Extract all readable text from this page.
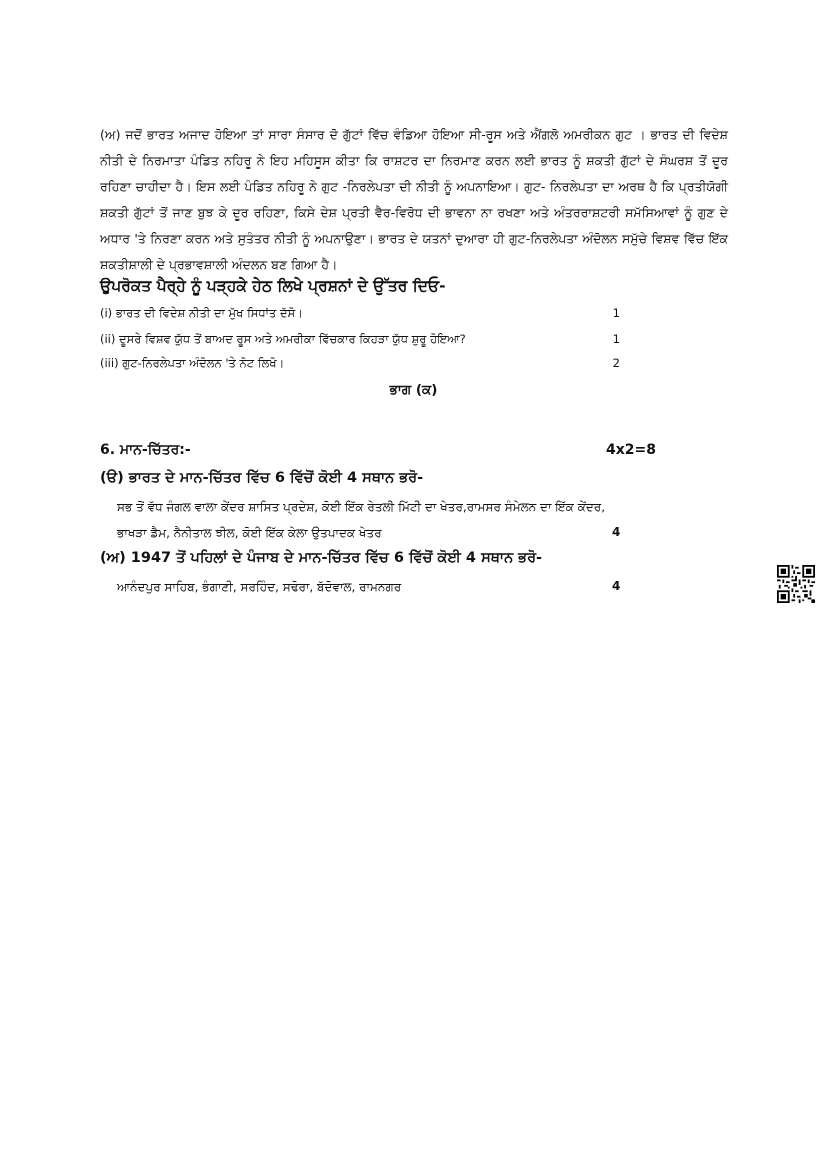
(ਅ) ਜਦੋਂ ਭਾਰਤ ਅਜਾਦ ਹੋਇਆ ਤਾਂ ਸਾਰਾ ਸੰਸਾਰ ਦੋ ਗੁੱਟਾਂ ਵਿੱਚ ਵੰਡਿਆ ਹੋਇਆ ਸੀ-ਰੂਸ ਅਤੇ ਐਂਗਲੋ ਅਮਰੀਕਨ ਗੁਟ । ਭਾਰਤ ਦੀ ਵਿਦੇਸ਼ ਨੀਤੀ ਦੇ ਨਿਰਮਾਤਾ ਪੰਡਿਤ ਨਹਿਰੂ ਨੇ ਇਹ ਮਹਿਸੂਸ ਕੀਤਾ ਕਿ ਰਾਸ਼ਟਰ ਦਾ ਨਿਰਮਾਣ ਕਰਨ ਲਈ ਭਾਰਤ ਨੂੰ ਸ਼ਕਤੀ ਗੁੱਟਾਂ ਦੇ ਸੰਘਰਸ਼ ਤੋਂ ਦੂਰ ਰਹਿਣਾ ਚਾਹੀਦਾ ਹੈ। ਇਸ ਲਈ ਪੰਡਿਤ ਨਹਿਰੂ ਨੇ ਗੁਟ -ਨਿਰਲੇਪਤਾ ਦੀ ਨੀਤੀ ਨੂੰ ਅਪਨਾਇਆ। ਗੁਟ- ਨਿਰਲੇਪਤਾ ਦਾ ਅਰਥ ਹੈ ਕਿ ਪ੍ਰਤੀਯੋਗੀ ਸ਼ਕਤੀ ਗੁੱਟਾਂ ਤੋਂ ਜਾਣ ਬੁਝ ਕੇ ਦੂਰ ਰਹਿਣਾ, ਕਿਸੇ ਦੇਸ਼ ਪ੍ਰਤੀ ਵੈਰ-ਵਿਰੋਧ ਦੀ ਭਾਵਨਾ ਨਾ ਰਖਣਾ ਅਤੇ ਅੰਤਰਰਾਸ਼ਟਰੀ ਸਮੱਸਿਆਵਾਂ ਨੂੰ ਗੁਣ ਦੇ ਅਧਾਰ 'ਤੇ ਨਿਰਣਾ ਕਰਨ ਅਤੇ ਸੁਤੰਤਰ ਨੀਤੀ ਨੂੰ ਅਪਨਾਉਣਾ। ਭਾਰਤ ਦੇ ਯਤਨਾਂ ਦੁਆਰਾ ਹੀ ਗੁਟ-ਨਿਰਲੇਪਤਾ ਅੰਦੋਲਨ ਸਮੁੱਚੇ ਵਿਸ਼ਵ ਵਿੱਚ ਇੱਕ ਸ਼ਕਤੀਸ਼ਾਲੀ ਦੇ ਪ੍ਰਭਾਵਸ਼ਾਲੀ ਅੰਦਲਨ ਬਣ ਗਿਆ ਹੈ।

ਉਪਰੋਕਤ ਪੈਰ੍ਹੇ ਨੂੰ ਪੜ੍ਹਕੇ ਹੇਠ ਲਿਖੇ ਪ੍ਰਸ਼ਨਾਂ ਦੇ ਉੱਤਰ ਦਿਓ-
(i) ਭਾਰਤ ਦੀ ਵਿਦੇਸ਼ ਨੀਤੀ ਦਾ ਮੁੱਖ ਸਿਧਾਂਤ ਦੱਸੋ।	1
(ii) ਦੂਸਰੇ ਵਿਸ਼ਵ ਯੁੱਧ ਤੋਂ ਬਾਅਦ ਰੂਸ ਅਤੇ ਅਮਰੀਕਾ ਵਿੱਚਕਾਰ ਕਿਹੜਾ ਯੁੱਧ ਸ਼ੁਰੂ ਹੋਇਆ?	1
(iii) ਗੁਟ-ਨਿਰਲੇਪਤਾ ਅੰਦੋਲਨ 'ਤੇ ਨੋਟ ਲਿਖੋ।	2
ਭਾਗ (ਕ)
6. ਮਾਨ-ਚਿੱਤਰ:-	4x2=8
(ੳ) ਭਾਰਤ ਦੇ ਮਾਨ-ਚਿੱਤਰ ਵਿੱਚ 6 ਵਿੱਚੋਂ ਕੋਈ 4 ਸਥਾਨ ਭਰੋ-

ਸਭ ਤੋਂ ਵੱਧ ਜੰਗਲ ਵਾਲਾ ਕੇਂਦਰ ਸ਼ਾਸਿਤ ਪ੍ਰਦੇਸ਼, ਕੋਈ ਇੱਕ ਰੇਤਲੀ ਮਿੱਟੀ ਦਾ ਖੇਤਰ,ਰਾਮਸਰ ਸੰਮੇਲਨ ਦਾ ਇੱਕ ਕੇਂਦਰ, ਭਾਖੜਾ ਡੈਮ, ਨੈਨੀਤਾਲ ਝੀਲ, ਕੋਈ ਇੱਕ ਕੇਲਾ ਉਤਪਾਦਕ ਖੇਤਰ	4
(ਅ) 1947 ਤੋਂ ਪਹਿਲਾਂ ਦੇ ਪੰਜਾਬ ਦੇ ਮਾਨ-ਚਿੱਤਰ ਵਿੱਚ 6 ਵਿੱਚੋਂ ਕੋਈ 4 ਸਥਾਨ ਭਰੋ-

ਆਨੰਦਪੁਰ ਸਾਹਿਬ, ਭੰਗਾਣੀ, ਸਰਹਿੰਦ, ਸਢੋਰਾ, ਬੱਦੋਵਾਲ, ਰਾਮਨਗਰ	4
